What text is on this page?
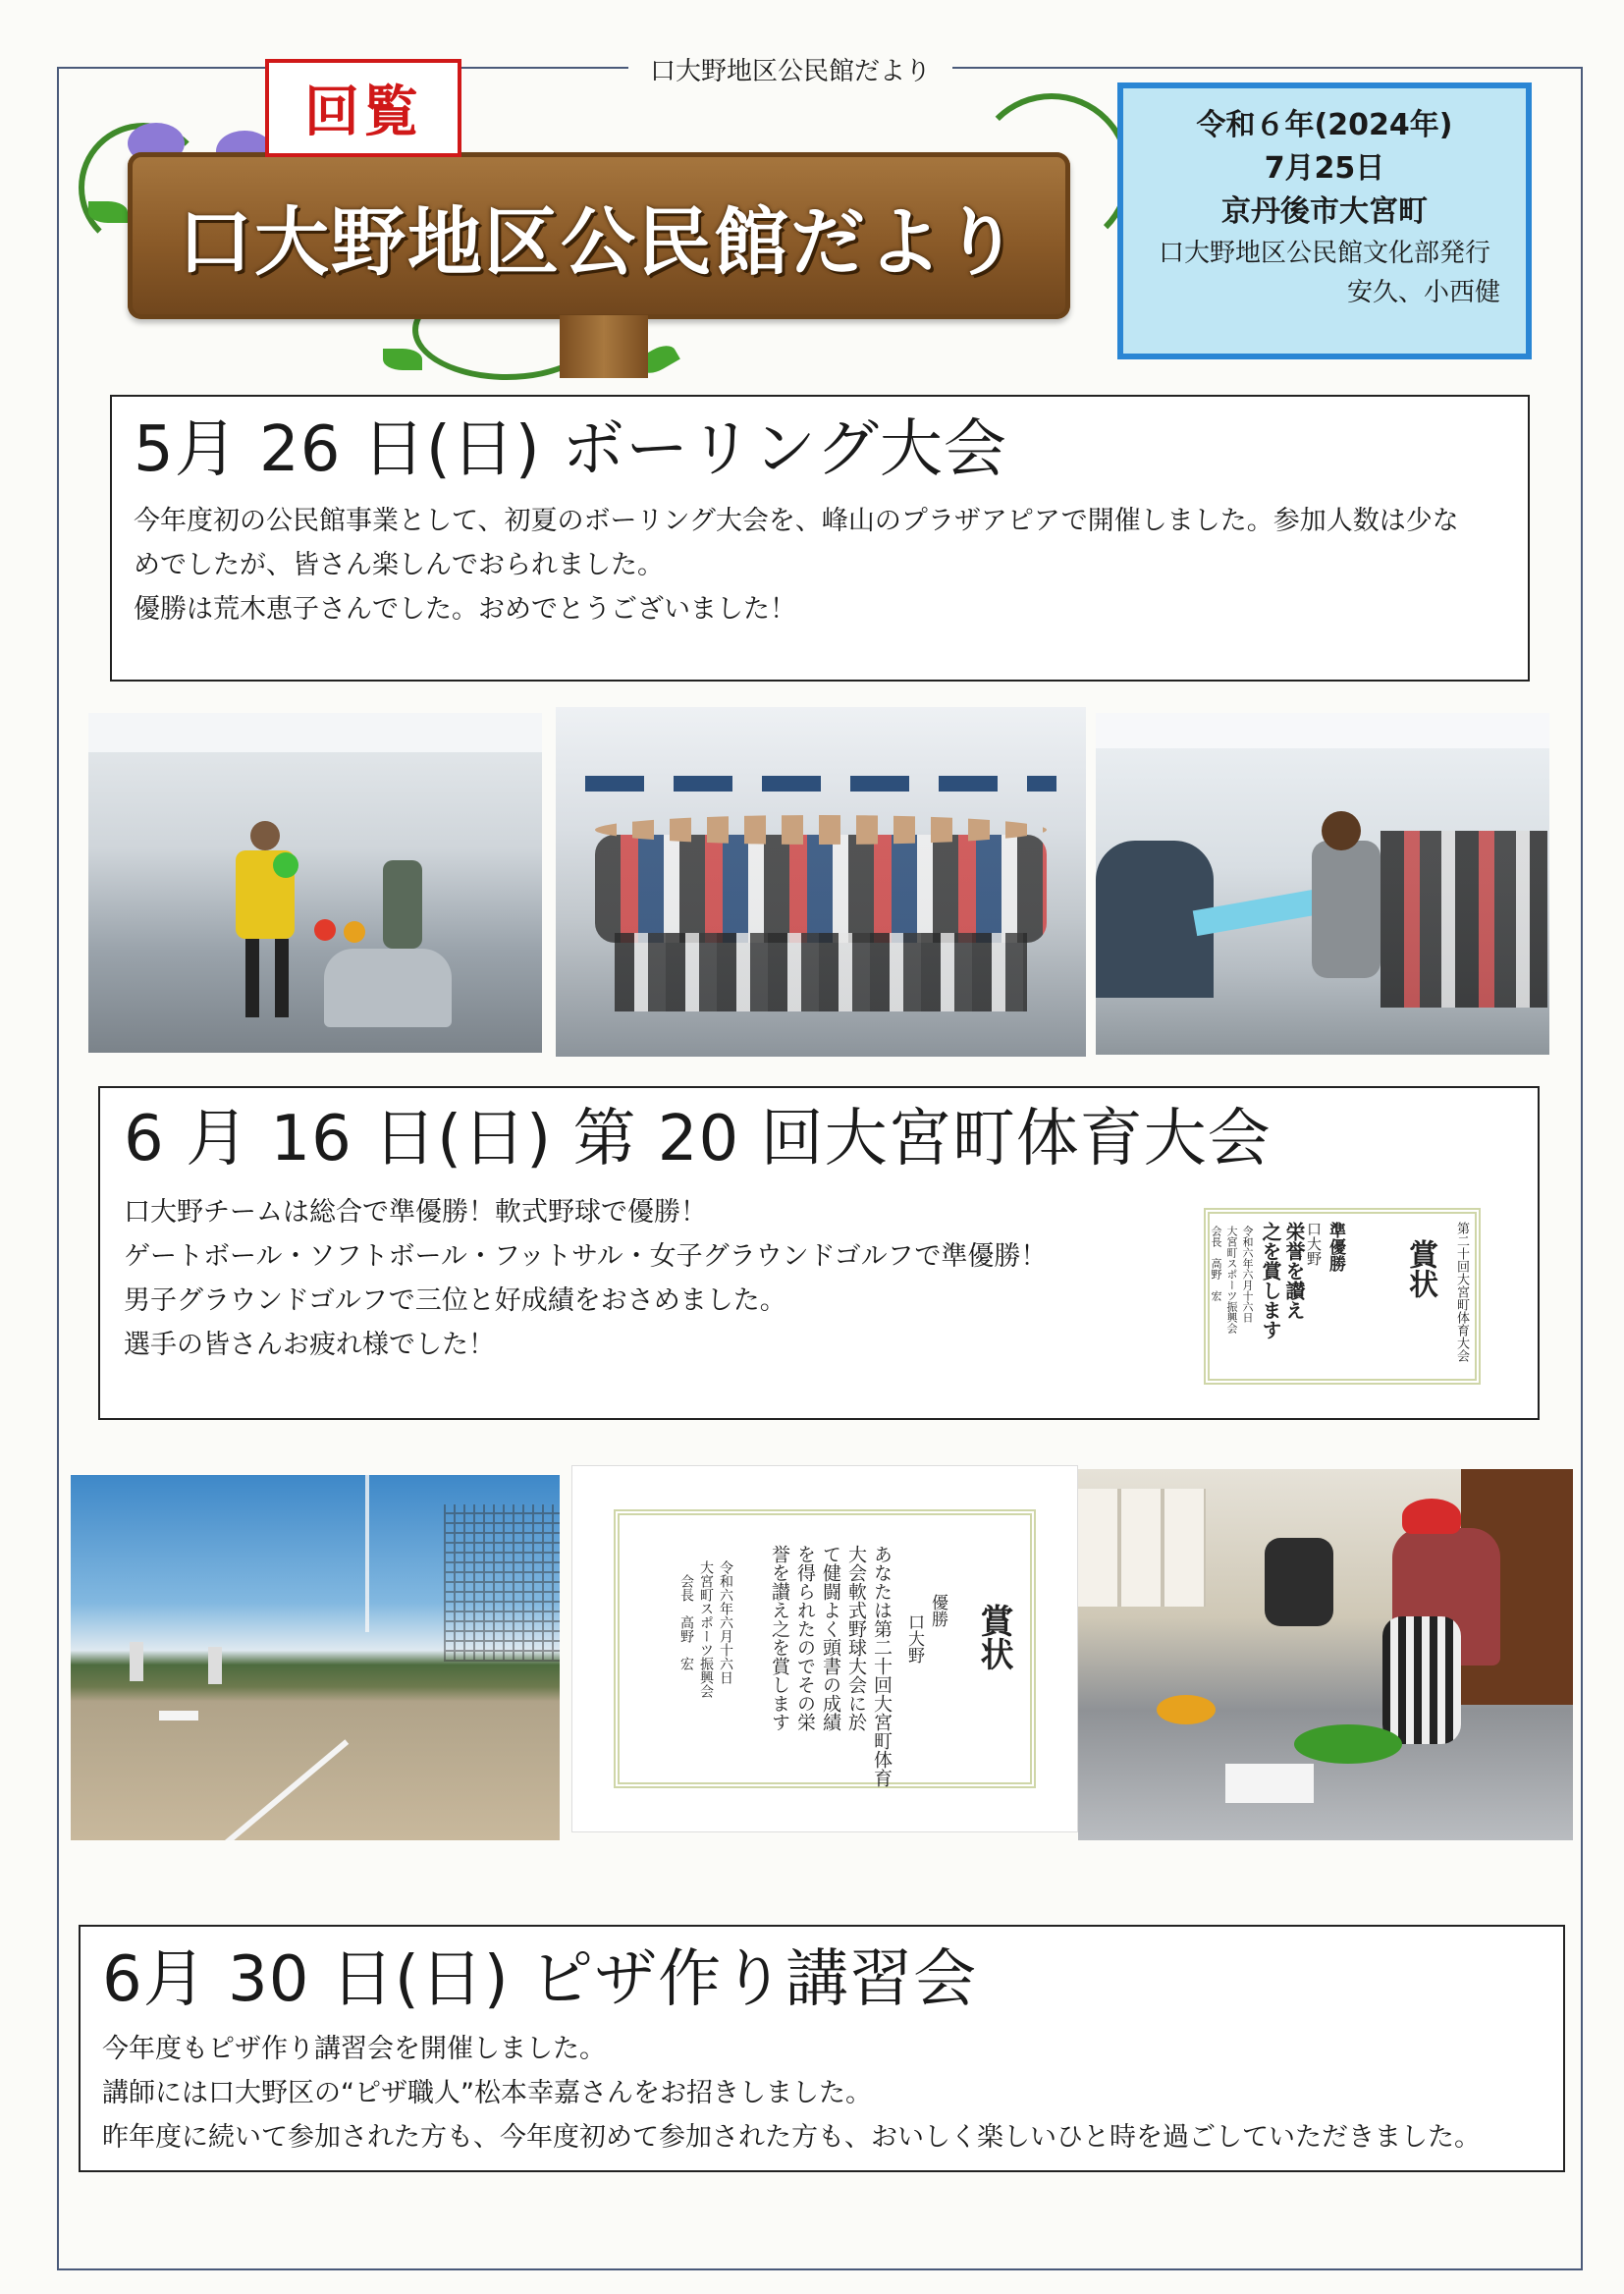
口大野地区公民館だより
口大野地区公民館だより
回覧	令和６年(2024年)
7月25日
京丹後市大宮町
口大野地区公民館文化部発行
安久、小西健
5月 26 日(日) ボーリング大会

今年度初の公民館事業として、初夏のボーリング大会を、峰山のプラザアピアで開催しました。参加人数は少な

めでしたが、皆さん楽しんでおられました。

優勝は荒木恵子さんでした。おめでとうございました！

6 月 16 日(日) 第 20 回大宮町体育大会

口大野チームは総合で準優勝！軟式野球で優勝！

ゲートボール・ソフトボール・フットサル・女子グラウンドゴルフで準優勝！

男子グラウンドゴルフで三位と好成績をおさめました。

選手の皆さんお疲れ様でした！	第二十回大宮町体育大会
賞状
準優勝
口大野
栄誉を讃え
之を賞します
令和六年六月十六日
大宮町スポーツ振興会
会長　高野　宏
賞状
優勝
口大野
あなたは第二十回大宮町体育
大会軟式野球大会に於
て健闘よく頭書の成績
を得られたのでその栄
誉を讃え之を賞します
令和六年六月十六日
大宮町スポーツ振興会
会長　高野　宏
6月 30 日(日) ピザ作り講習会

今年度もピザ作り講習会を開催しました。

講師には口大野区の“ピザ職人”松本幸嘉さんをお招きしました。

昨年度に続いて参加された方も、今年度初めて参加された方も、おいしく楽しいひと時を過ごしていただきました。
